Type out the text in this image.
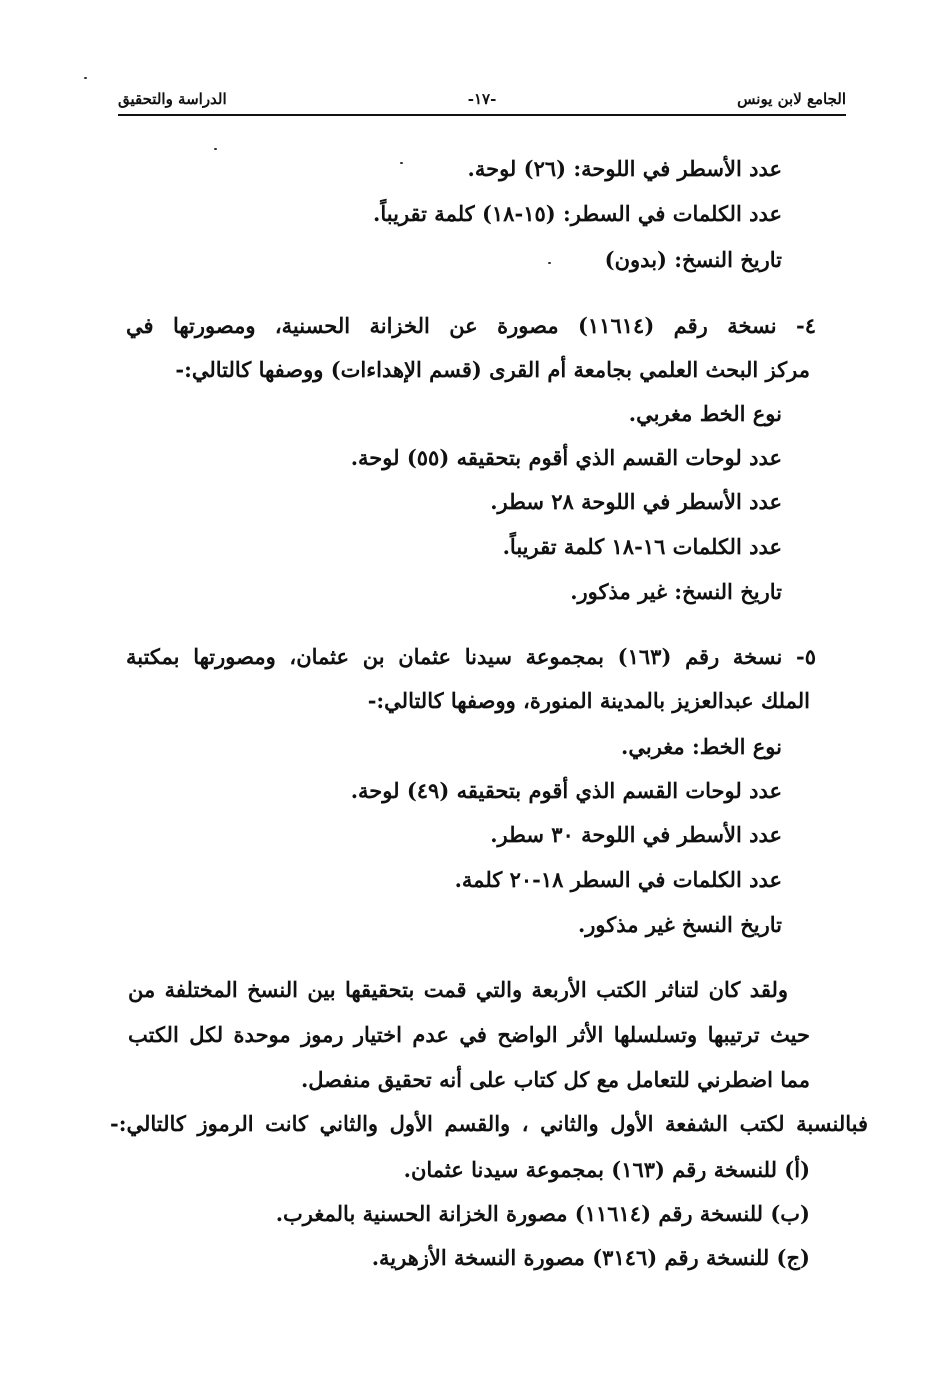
الجامع لابن يونس
-١٧-
الدراسة والتحقيق
عدد الأسطر في اللوحة: (٢٦) لوحة.
عدد الكلمات في السطر: (١٥-١٨) كلمة تقريباً.
تاريخ النسخ: (بدون)
٤- نسخة رقم (١١٦١٤) مصورة عن الخزانة الحسنية، ومصورتها في
مركز البحث العلمي بجامعة أم القرى (قسم الإهداءات) ووصفها كالتالي:-
نوع الخط مغربي.
عدد لوحات القسم الذي أقوم بتحقيقه (٥٥) لوحة.
عدد الأسطر في اللوحة ٢٨ سطر.
عدد الكلمات ١٦-١٨ كلمة تقريباً.
تاريخ النسخ: غير مذكور.
٥- نسخة رقم (١٦٣) بمجموعة سيدنا عثمان بن عثمان، ومصورتها بمكتبة
الملك عبدالعزيز بالمدينة المنورة، ووصفها كالتالي:-
نوع الخط: مغربي.
عدد لوحات القسم الذي أقوم بتحقيقه (٤٩) لوحة.
عدد الأسطر في اللوحة ٣٠ سطر.
عدد الكلمات في السطر ١٨-٢٠ كلمة.
تاريخ النسخ غير مذكور.
ولقد كان لتناثر الكتب الأربعة والتي قمت بتحقيقها بين النسخ المختلفة من
حيث ترتيبها وتسلسلها الأثر الواضح في عدم اختيار رموز موحدة لكل الكتب
مما اضطرني للتعامل مع كل كتاب على أنه تحقيق منفصل.
فبالنسبة لكتب الشفعة الأول والثاني ، والقسم الأول والثاني كانت الرموز كالتالي:-
(أ) للنسخة رقم (١٦٣) بمجموعة سيدنا عثمان.
(ب) للنسخة رقم (١١٦١٤) مصورة الخزانة الحسنية بالمغرب.
(ج) للنسخة رقم (٣١٤٦) مصورة النسخة الأزهرية.
